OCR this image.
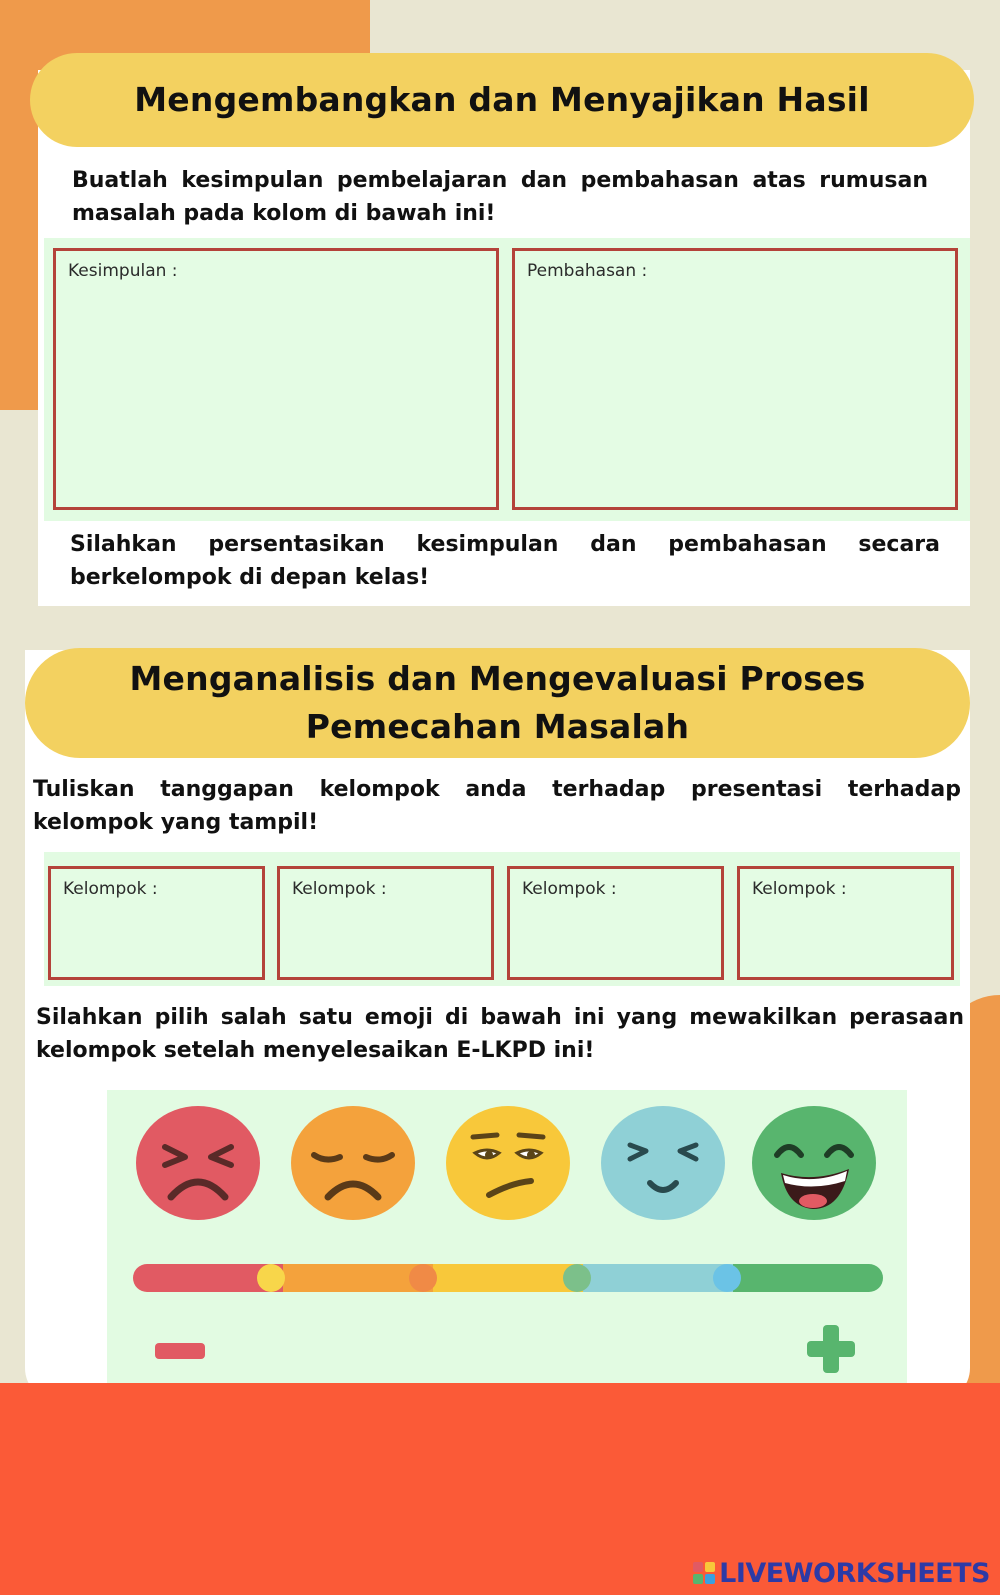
Mengembangkan dan Menyajikan Hasil
Buatlah kesimpulan pembelajaran dan pembahasan atas rumusan masalah pada kolom di bawah ini!
Kesimpulan :	Pembahasan :
Silahkan persentasikan kesimpulan dan pembahasan secara berkelompok di depan kelas!
Menganalisis dan Mengevaluasi Proses
Pemecahan Masalah
Tuliskan tanggapan kelompok anda terhadap presentasi terhadap kelompok yang tampil!
Kelompok :	Kelompok :	Kelompok :	Kelompok :
Silahkan pilih salah satu emoji di bawah ini yang mewakilkan perasaan kelompok setelah menyelesaikan E-LKPD ini!
LIVEWORKSHEETS
